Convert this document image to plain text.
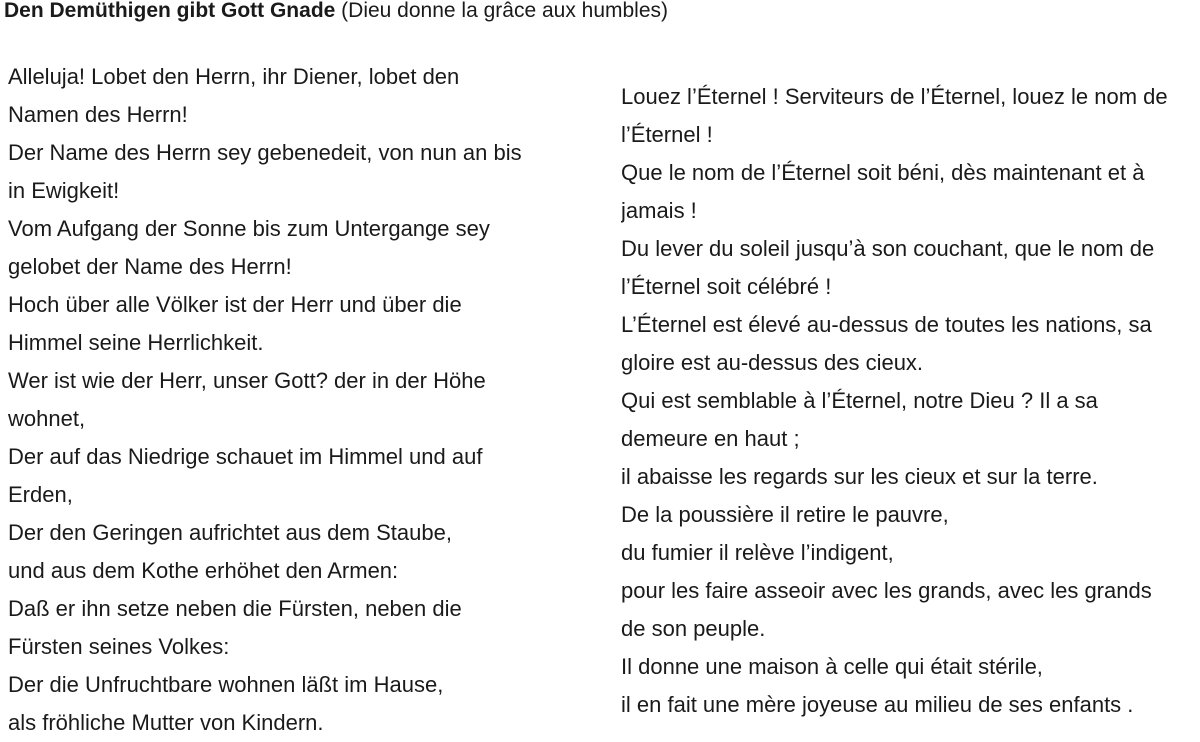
Den Demüthigen gibt Gott Gnade (Dieu donne la grâce aux humbles)
Alleluja! Lobet den Herrn, ihr Diener, lobet den
Namen des Herrn!
Der Name des Herrn sey gebenedeit, von nun an bis
in Ewigkeit!
Vom Aufgang der Sonne bis zum Untergange sey
gelobet der Name des Herrn!
Hoch über alle Völker ist der Herr und über die
Himmel seine Herrlichkeit.
Wer ist wie der Herr, unser Gott? der in der Höhe
wohnet,
Der auf das Niedrige schauet im Himmel und auf
Erden,
Der den Geringen aufrichtet aus dem Staube,
und aus dem Kothe erhöhet den Armen:
Daß er ihn setze neben die Fürsten, neben die
Fürsten seines Volkes:
Der die Unfruchtbare wohnen läßt im Hause,
als fröhliche Mutter von Kindern.
Louez l’Éternel ! Serviteurs de l’Éternel, louez le nom de
l’Éternel !
Que le nom de l’Éternel soit béni, dès maintenant et à
jamais !
Du lever du soleil jusqu’à son couchant, que le nom de
l’Éternel soit célébré !
L’Éternel est élevé au-dessus de toutes les nations, sa
gloire est au-dessus des cieux.
Qui est semblable à l’Éternel, notre Dieu ? Il a sa
demeure en haut ;
il abaisse les regards sur les cieux et sur la terre.
De la poussière il retire le pauvre,
du fumier il relève l’indigent,
pour les faire asseoir avec les grands, avec les grands
de son peuple.
Il donne une maison à celle qui était stérile,
il en fait une mère joyeuse au milieu de ses enfants .
